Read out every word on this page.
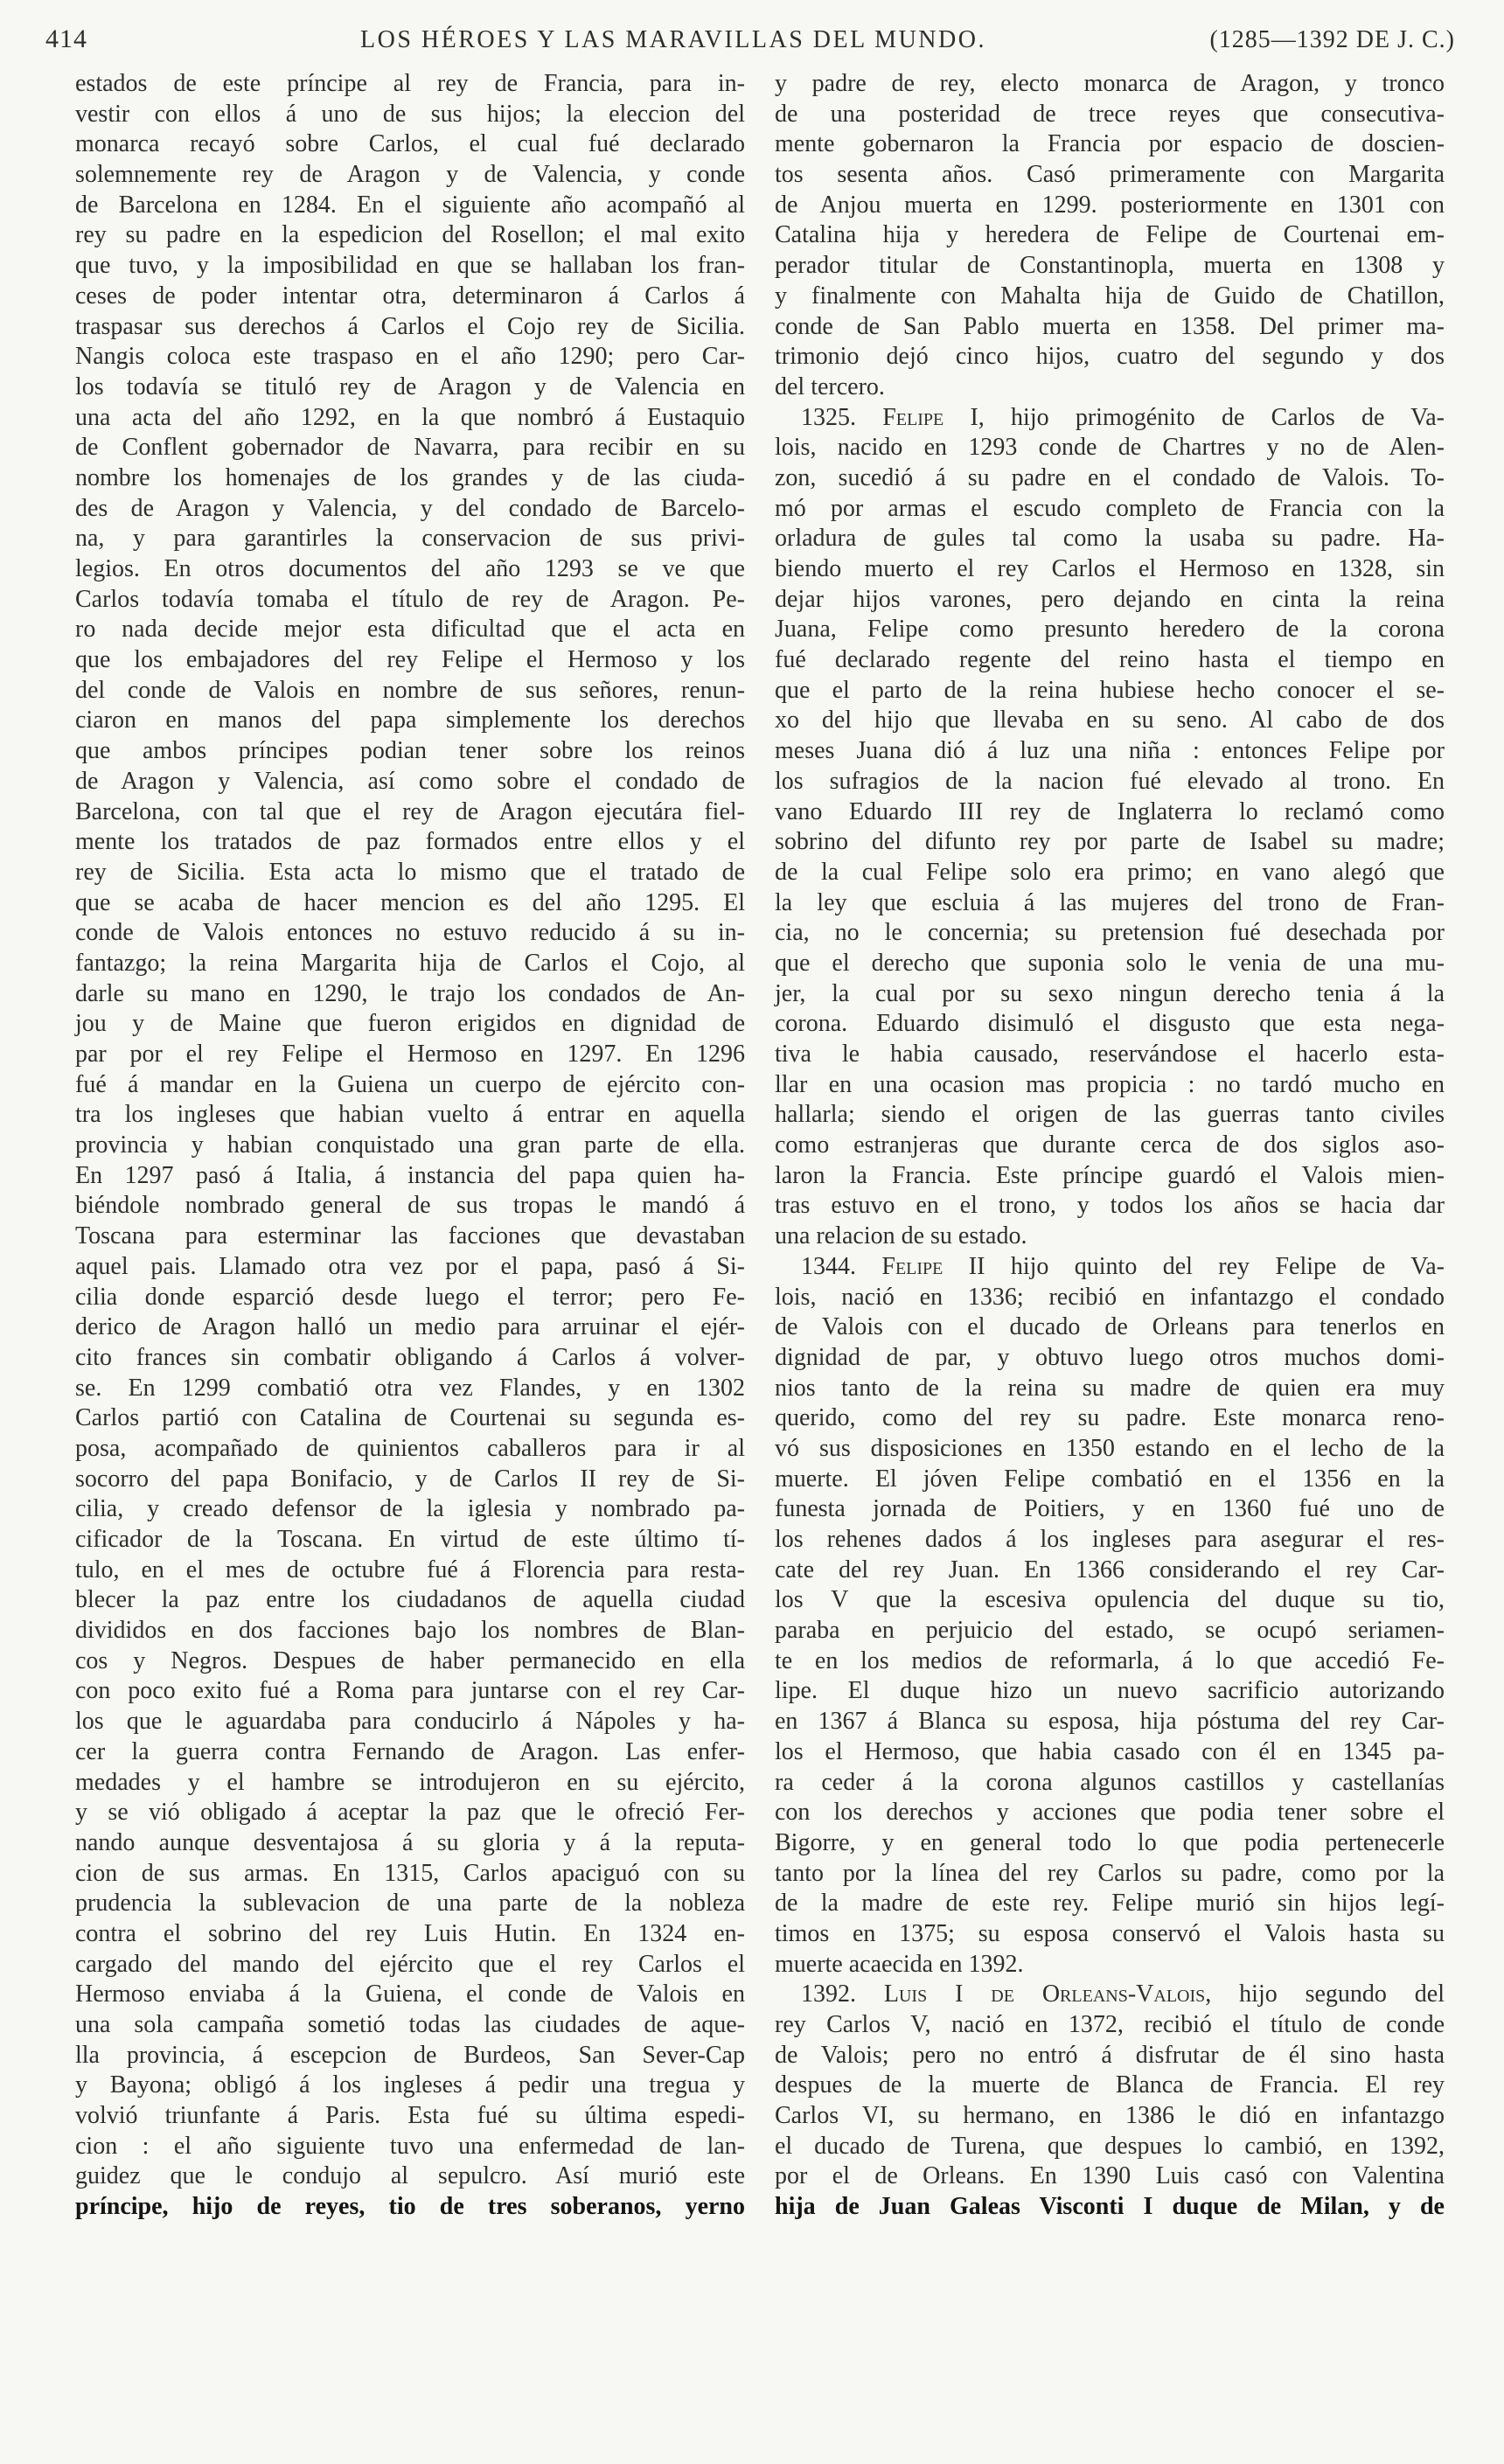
414	LOS HÉROES Y LAS MARAVILLAS DEL MUNDO.	(1285—1392 DE J. C.)
estados de este príncipe al rey de Francia, para in-
vestir con ellos á uno de sus hijos; la eleccion del
monarca recayó sobre Carlos, el cual fué declarado
solemnemente rey de Aragon y de Valencia, y conde
de Barcelona en 1284. En el siguiente año acompañó al
rey su padre en la espedicion del Rosellon; el mal exito
que tuvo, y la imposibilidad en que se hallaban los fran-
ceses de poder intentar otra, determinaron á Carlos á
traspasar sus derechos á Carlos el Cojo rey de Sicilia.
Nangis coloca este traspaso en el año 1290; pero Car-
los todavía se tituló rey de Aragon y de Valencia en
una acta del año 1292, en la que nombró á Eustaquio
de Conflent gobernador de Navarra, para recibir en su
nombre los homenajes de los grandes y de las ciuda-
des de Aragon y Valencia, y del condado de Barcelo-
na, y para garantirles la conservacion de sus privi-
legios. En otros documentos del año 1293 se ve que
Carlos todavía tomaba el título de rey de Aragon. Pe-
ro nada decide mejor esta dificultad que el acta en
que los embajadores del rey Felipe el Hermoso y los
del conde de Valois en nombre de sus señores, renun-
ciaron en manos del papa simplemente los derechos
que ambos príncipes podian tener sobre los reinos
de Aragon y Valencia, así como sobre el condado de
Barcelona, con tal que el rey de Aragon ejecutára fiel-
mente los tratados de paz formados entre ellos y el
rey de Sicilia. Esta acta lo mismo que el tratado de
que se acaba de hacer mencion es del año 1295. El
conde de Valois entonces no estuvo reducido á su in-
fantazgo; la reina Margarita hija de Carlos el Cojo, al
darle su mano en 1290, le trajo los condados de An-
jou y de Maine que fueron erigidos en dignidad de
par por el rey Felipe el Hermoso en 1297. En 1296
fué á mandar en la Guiena un cuerpo de ejército con-
tra los ingleses que habian vuelto á entrar en aquella
provincia y habian conquistado una gran parte de ella.
En 1297 pasó á Italia, á instancia del papa quien ha-
biéndole nombrado general de sus tropas le mandó á
Toscana para esterminar las facciones que devastaban
aquel pais. Llamado otra vez por el papa, pasó á Si-
cilia donde esparció desde luego el terror; pero Fe-
derico de Aragon halló un medio para arruinar el ejér-
cito frances sin combatir obligando á Carlos á volver-
se. En 1299 combatió otra vez Flandes, y en 1302
Carlos partió con Catalina de Courtenai su segunda es-
posa, acompañado de quinientos caballeros para ir al
socorro del papa Bonifacio, y de Carlos II rey de Si-
cilia, y creado defensor de la iglesia y nombrado pa-
cificador de la Toscana. En virtud de este último tí-
tulo, en el mes de octubre fué á Florencia para resta-
blecer la paz entre los ciudadanos de aquella ciudad
divididos en dos facciones bajo los nombres de Blan-
cos y Negros. Despues de haber permanecido en ella
con poco exito fué a Roma para juntarse con el rey Car-
los que le aguardaba para conducirlo á Nápoles y ha-
cer la guerra contra Fernando de Aragon. Las enfer-
medades y el hambre se introdujeron en su ejército,
y se vió obligado á aceptar la paz que le ofreció Fer-
nando aunque desventajosa á su gloria y á la reputa-
cion de sus armas. En 1315, Carlos apaciguó con su
prudencia la sublevacion de una parte de la nobleza
contra el sobrino del rey Luis Hutin. En 1324 en-
cargado del mando del ejército que el rey Carlos el
Hermoso enviaba á la Guiena, el conde de Valois en
una sola campaña sometió todas las ciudades de aque-
lla provincia, á escepcion de Burdeos, San Sever-Cap
y Bayona; obligó á los ingleses á pedir una tregua y
volvió triunfante á Paris. Esta fué su última espedi-
cion : el año siguiente tuvo una enfermedad de lan-
guidez que le condujo al sepulcro. Así murió este
príncipe, hijo de reyes, tio de tres soberanos, yerno
y padre de rey, electo monarca de Aragon, y tronco
de una posteridad de trece reyes que consecutiva-
mente gobernaron la Francia por espacio de doscien-
tos sesenta años. Casó primeramente con Margarita
de Anjou muerta en 1299. posteriormente en 1301 con
Catalina hija y heredera de Felipe de Courtenai em-
perador titular de Constantinopla, muerta en 1308 y
y finalmente con Mahalta hija de Guido de Chatillon,
conde de San Pablo muerta en 1358. Del primer ma-
trimonio dejó cinco hijos, cuatro del segundo y dos
del tercero.
1325. Felipe I, hijo primogénito de Carlos de Va-
lois, nacido en 1293 conde de Chartres y no de Alen-
zon, sucedió á su padre en el condado de Valois. To-
mó por armas el escudo completo de Francia con la
orladura de gules tal como la usaba su padre. Ha-
biendo muerto el rey Carlos el Hermoso en 1328, sin
dejar hijos varones, pero dejando en cinta la reina
Juana, Felipe como presunto heredero de la corona
fué declarado regente del reino hasta el tiempo en
que el parto de la reina hubiese hecho conocer el se-
xo del hijo que llevaba en su seno. Al cabo de dos
meses Juana dió á luz una niña : entonces Felipe por
los sufragios de la nacion fué elevado al trono. En
vano Eduardo III rey de Inglaterra lo reclamó como
sobrino del difunto rey por parte de Isabel su madre;
de la cual Felipe solo era primo; en vano alegó que
la ley que escluia á las mujeres del trono de Fran-
cia, no le concernia; su pretension fué desechada por
que el derecho que suponia solo le venia de una mu-
jer, la cual por su sexo ningun derecho tenia á la
corona. Eduardo disimuló el disgusto que esta nega-
tiva le habia causado, reservándose el hacerlo esta-
llar en una ocasion mas propicia : no tardó mucho en
hallarla; siendo el origen de las guerras tanto civiles
como estranjeras que durante cerca de dos siglos aso-
laron la Francia. Este príncipe guardó el Valois mien-
tras estuvo en el trono, y todos los años se hacia dar
una relacion de su estado.
1344. Felipe II hijo quinto del rey Felipe de Va-
lois, nació en 1336; recibió en infantazgo el condado
de Valois con el ducado de Orleans para tenerlos en
dignidad de par, y obtuvo luego otros muchos domi-
nios tanto de la reina su madre de quien era muy
querido, como del rey su padre. Este monarca reno-
vó sus disposiciones en 1350 estando en el lecho de la
muerte. El jóven Felipe combatió en el 1356 en la
funesta jornada de Poitiers, y en 1360 fué uno de
los rehenes dados á los ingleses para asegurar el res-
cate del rey Juan. En 1366 considerando el rey Car-
los V que la escesiva opulencia del duque su tio,
paraba en perjuicio del estado, se ocupó seriamen-
te en los medios de reformarla, á lo que accedió Fe-
lipe. El duque hizo un nuevo sacrificio autorizando
en 1367 á Blanca su esposa, hija póstuma del rey Car-
los el Hermoso, que habia casado con él en 1345 pa-
ra ceder á la corona algunos castillos y castellanías
con los derechos y acciones que podia tener sobre el
Bigorre, y en general todo lo que podia pertenecerle
tanto por la línea del rey Carlos su padre, como por la
de la madre de este rey. Felipe murió sin hijos legí-
timos en 1375; su esposa conservó el Valois hasta su
muerte acaecida en 1392.
1392. Luis I de Orleans-Valois, hijo segundo del
rey Carlos V, nació en 1372, recibió el título de conde
de Valois; pero no entró á disfrutar de él sino hasta
despues de la muerte de Blanca de Francia. El rey
Carlos VI, su hermano, en 1386 le dió en infantazgo
el ducado de Turena, que despues lo cambió, en 1392,
por el de Orleans. En 1390 Luis casó con Valentina
hija de Juan Galeas Visconti I duque de Milan, y de
